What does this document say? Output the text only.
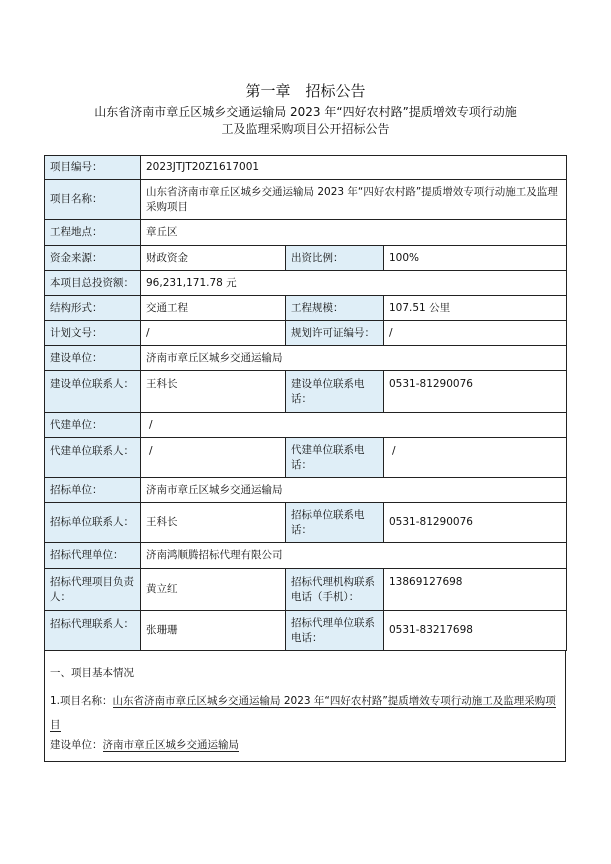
第一章　招标公告
山东省济南市章丘区城乡交通运输局 2023 年“四好农村路”提质增效专项行动施工及监理采购项目公开招标公告
项目编号：	2023JTJT20Z1617001		
项目名称：	山东省济南市章丘区城乡交通运输局 2023 年“四好农村路”提质增效专项行动施工及监理采购项目		
工程地点：	章丘区		
资金来源：	财政资金	出资比例：	100%
本项目总投资额：	96,231,171.78 元		
结构形式：	交通工程	工程规模：	107.51 公里
计划文号：	/	规划许可证编号：	/
建设单位：	济南市章丘区城乡交通运输局		
建设单位联系人：	王科长	建设单位联系电话：	0531-81290076
代建单位：	/		
代建单位联系人：	/	代建单位联系电话：	/
招标单位：	济南市章丘区城乡交通运输局		
招标单位联系人：	王科长	招标单位联系电话：	0531-81290076
招标代理单位：	济南鸿顺腾招标代理有限公司		
招标代理项目负责人：	黄立红	招标代理机构联系电话（手机）：	13869127698
招标代理联系人：	张珊珊	招标代理单位联系电话：	0531-83217698
一、项目基本情况
1.项目名称：山东省济南市章丘区城乡交通运输局 2023 年“四好农村路”提质增效专项行动施工及监理采购项目
建设单位：济南市章丘区城乡交通运输局
